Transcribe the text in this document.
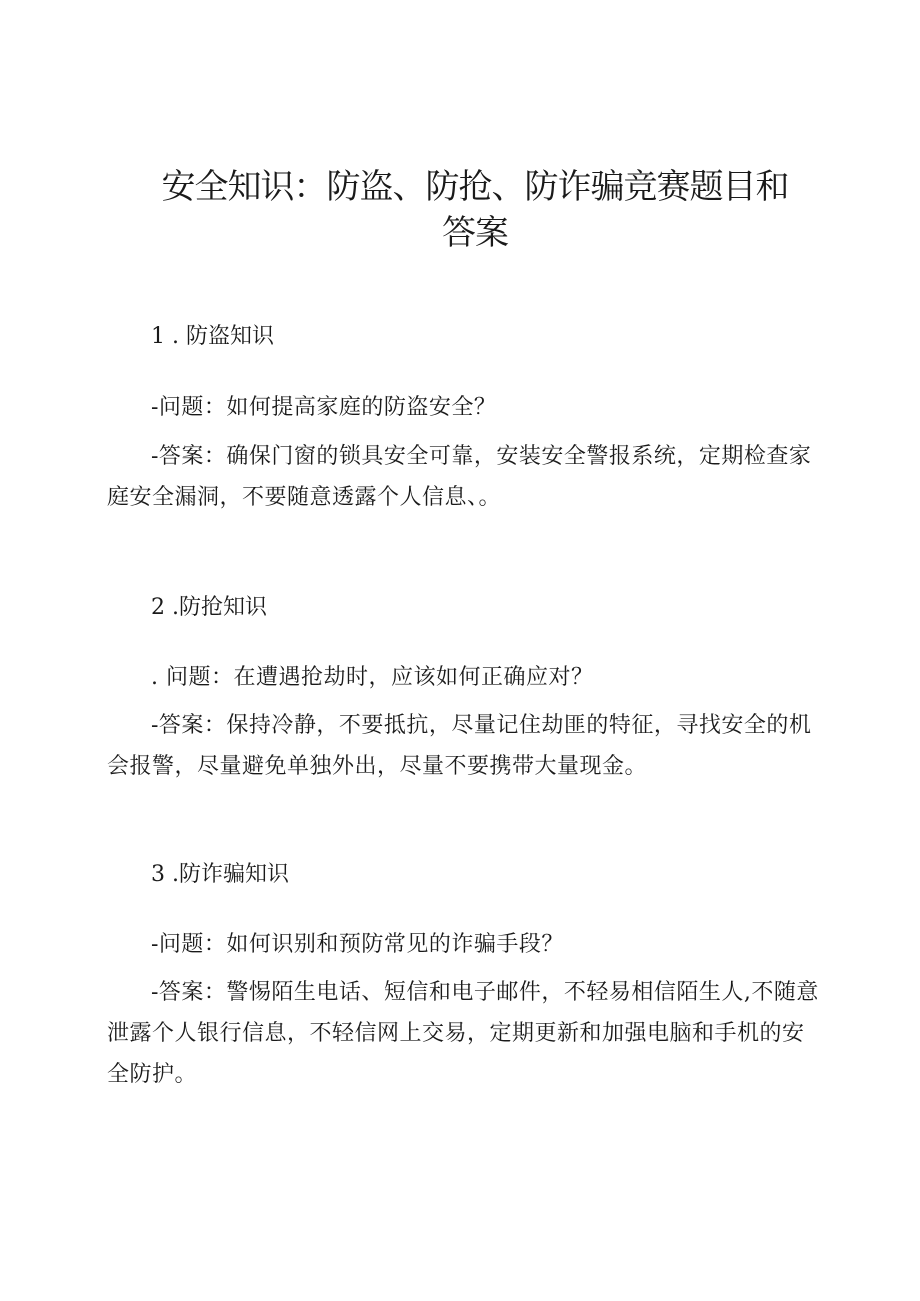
安全知识：防盗、防抢、防诈骗竞赛题目和
答案
1 . 防盗知识

-问题：如何提高家庭的防盗安全？

-答案：确保门窗的锁具安全可靠，安装安全警报系统，定期检查家庭安全漏洞，不要随意透露个人信息、。

2 .防抢知识

. 问题：在遭遇抢劫时，应该如何正确应对？

-答案：保持冷静，不要抵抗，尽量记住劫匪的特征，寻找安全的机会报警，尽量避免单独外出，尽量不要携带大量现金。

3 .防诈骗知识

-问题：如何识别和预防常见的诈骗手段？

-答案：警惕陌生电话、短信和电子邮件，不轻易相信陌生人,不随意泄露个人银行信息，不轻信网上交易，定期更新和加强电脑和手机的安全防护。
